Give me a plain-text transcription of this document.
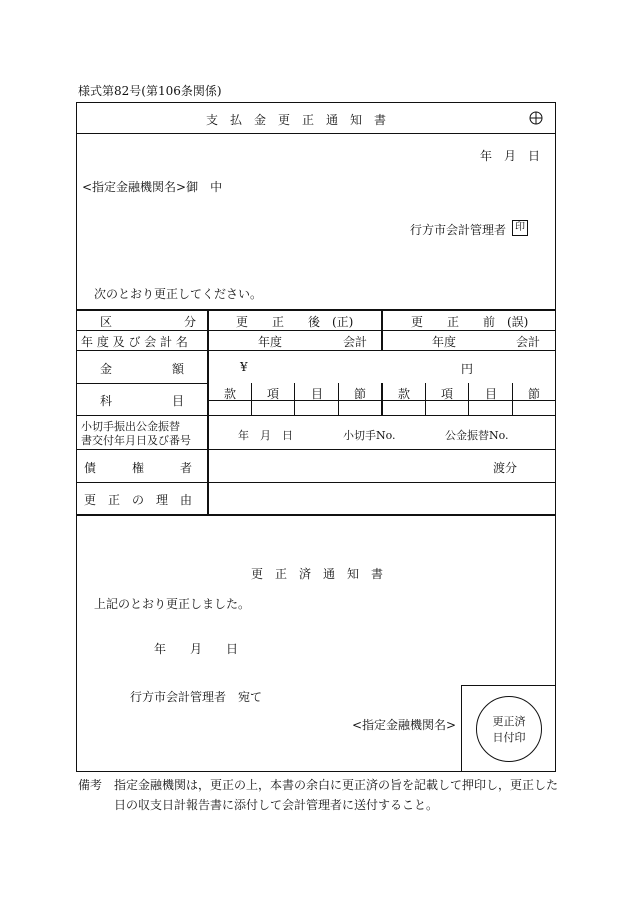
様式第82号(第106条関係)
支　払　金　更　正　通　知　書
年　月　日
<指定金融機関名>御　中
行方市会計管理者 印
次のとおり更正してください。
区　　　　　　分	更　　正　　後　(正)	更　　正　　前　(誤)
年 度 及 び 会 計 名	年度	会計	年度	会計
金　　　　　額	¥	円
科　　　　　目	款	項	目	節	款	項	目	節
小切手振出公金振替
書交付年月日及び番号	年　月　日	小切手No.	公金振替No.
債　　　権　　　者	渡分
更　正　の　理　由
更　正　済　通　知　書
上記のとおり更正しました。
年　　月　　日
行方市会計管理者　宛て
<指定金融機関名>	更正済
日付印
備考　指定金融機関は，更正の上，本書の余白に更正済の旨を記載して押印し，更正した
日の収支日計報告書に添付して会計管理者に送付すること。
